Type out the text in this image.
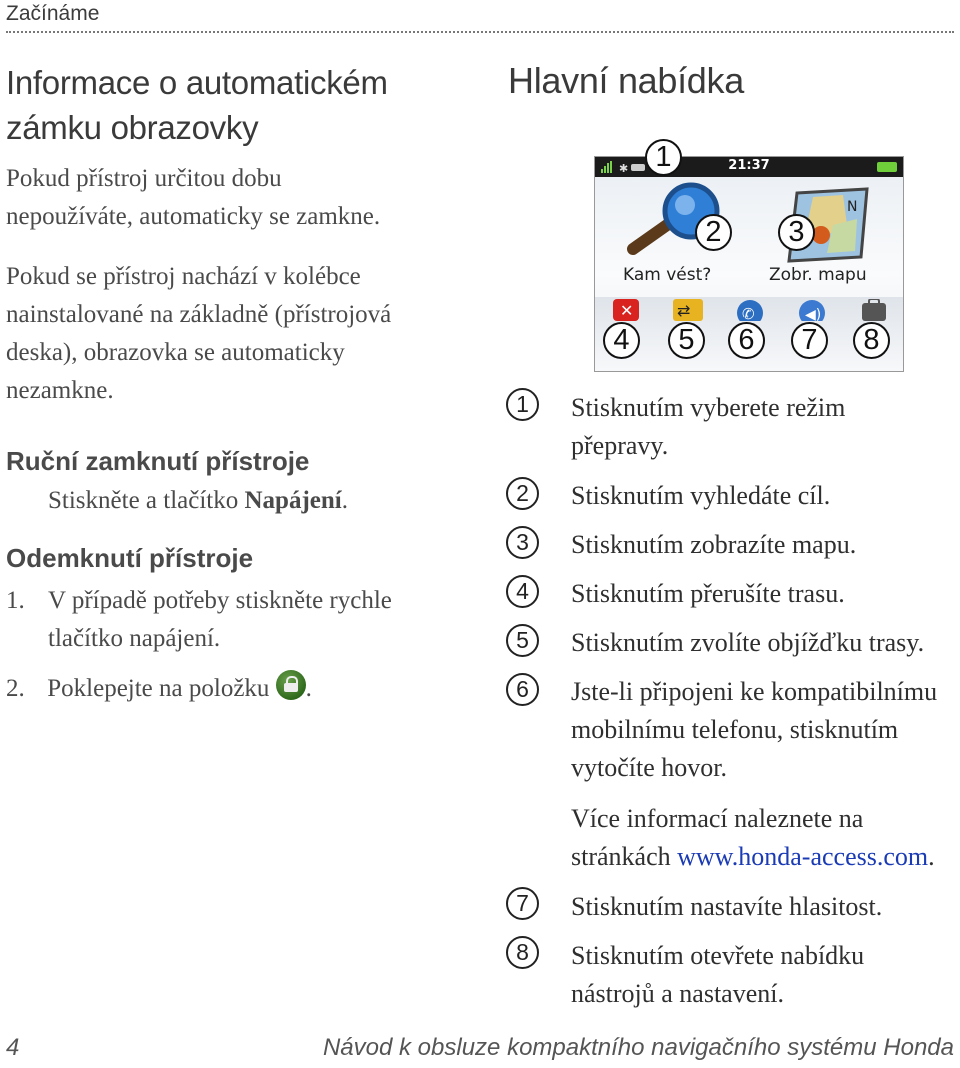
Začínáme
Informace o automatickém
zámku obrazovky
Pokud přístroj určitou dobu
nepoužíváte, automaticky se zamkne.
Pokud se přístroj nachází v kolébce
nainstalované na základně (přístrojová
deska), obrazovka se automaticky
nezamkne.
Ruční zamknutí přístroje
Stiskněte a tlačítko Napájení.
Odemknutí přístroje
1. V případě potřeby stiskněte rychle
tlačítko napájení.
2. Poklepejte na položku .
Hlavní nabídka
✱	21:37
Kam vést?
N
Zobr. mapu
✕	⇄	✆	◀)
1
2	3
4	5	6	7	8
1	Stisknutím vyberete režim
přepravy.
2	Stisknutím vyhledáte cíl.
3	Stisknutím zobrazíte mapu.
4	Stisknutím přerušíte trasu.
5	Stisknutím zvolíte objížďku trasy.
6	Jste-li připojeni ke kompatibilnímu
mobilnímu telefonu, stisknutím
vytočíte hovor.
Více informací naleznete na
stránkách www.honda-access.com.
7	Stisknutím nastavíte hlasitost.
8	Stisknutím otevřete nabídku
nástrojů a nastavení.
4	Návod k obsluze kompaktního navigačního systému Honda
